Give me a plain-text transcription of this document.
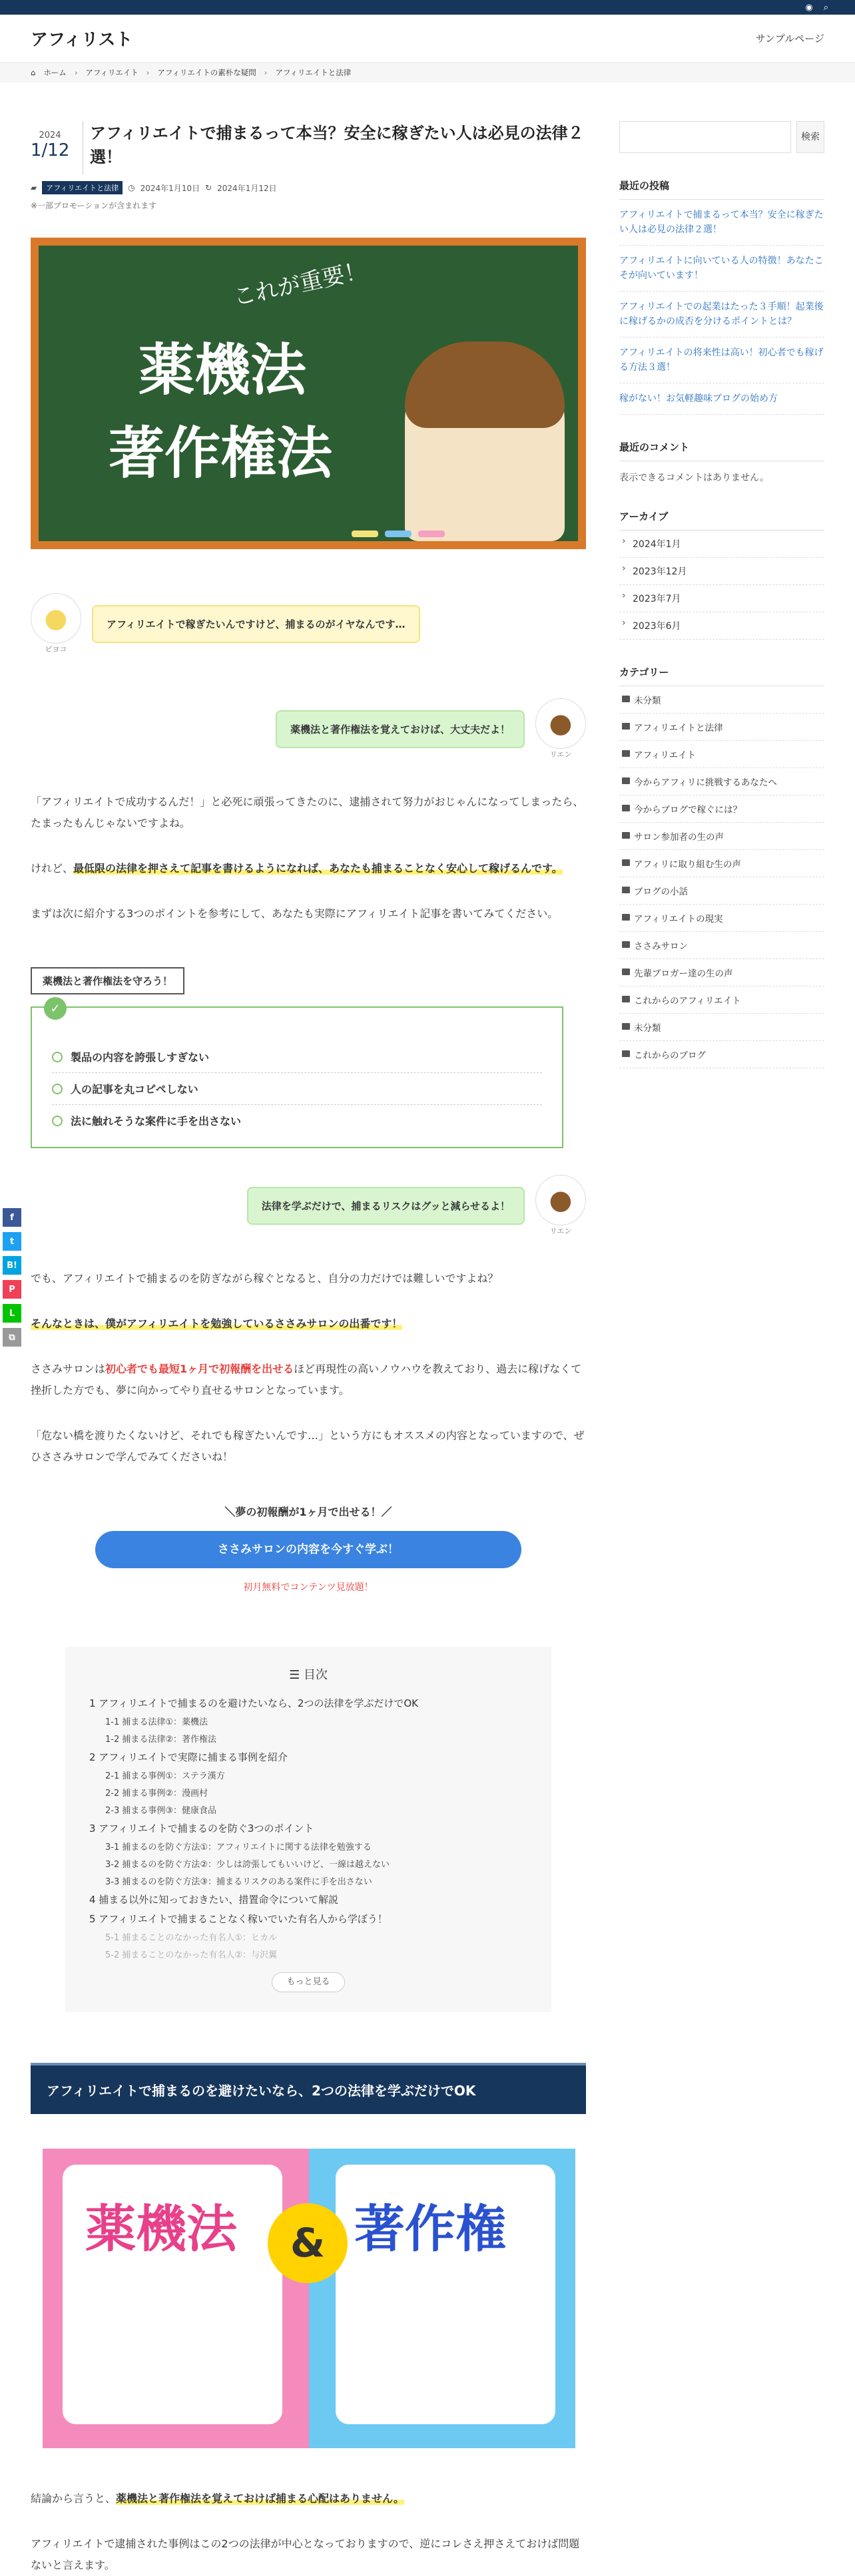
◉ ⌕
アフィリスト	サンプルページ
⌂ ホーム › アフィリエイト › アフィリエイトの素朴な疑問 › アフィリエイトと法律
2024
1/12
アフィリエイトで捕まるって本当？安全に稼ぎたい人は必見の法律２選！
▰	アフィリエイトと法律	◷ 2024年1月10日 ↻ 2024年1月12日
※一部プロモーションが含まれます
これが重要！
薬機法
著作権法
●
ピヨコ
アフィリエイトで稼ぎたいんですけど、捕まるのがイヤなんです…
●
リエン
薬機法と著作権法を覚えておけば、大丈夫だよ！

「アフィリエイトで成功するんだ！」と必死に頑張ってきたのに、逮捕されて努力がおじゃんになってしまったら、たまったもんじゃないですよね。

けれど、最低限の法律を押さえて記事を書けるようになれば、あなたも捕まることなく安心して稼げるんです。

まずは次に紹介する3つのポイントを参考にして、あなたも実際にアフィリエイト記事を書いてみてください。

薬機法と著作権法を守ろう！
✓
製品の内容を誇張しすぎない
人の記事を丸コピペしない
法に触れそうな案件に手を出さない
●
リエン
法律を学ぶだけで、捕まるリスクはグッと減らせるよ！

でも、アフィリエイトで捕まるのを防ぎながら稼ぐとなると、自分の力だけでは難しいですよね？

そんなときは、僕がアフィリエイトを勉強しているささみサロンの出番です！

ささみサロンは初心者でも最短1ヶ月で初報酬を出せるほど再現性の高いノウハウを教えており、過去に稼げなくて挫折した方でも、夢に向かってやり直せるサロンとなっています。

「危ない橋を渡りたくないけど、それでも稼ぎたいんです…」という方にもオススメの内容となっていますので、ぜひささみサロンで学んでみてくださいね！

＼夢の初報酬が1ヶ月で出せる！／
ささみサロンの内容を今すぐ学ぶ！
初月無料でコンテンツ見放題！
☰ 目次
1 アフィリエイトで捕まるのを避けたいなら、2つの法律を学ぶだけでOK
1-1 捕まる法律①：薬機法
1-2 捕まる法律②：著作権法
2 アフィリエイトで実際に捕まる事例を紹介
2-1 捕まる事例①：ステラ漢方
2-2 捕まる事例②：漫画村
2-3 捕まる事例③：健康食品
3 アフィリエイトで捕まるのを防ぐ3つのポイント
3-1 捕まるのを防ぐ方法①：アフィリエイトに関する法律を勉強する
3-2 捕まるのを防ぐ方法②：少しは誇張してもいいけど、一線は越えない
3-3 捕まるのを防ぐ方法③：捕まるリスクのある案件に手を出さない
4 捕まる以外に知っておきたい、措置命令について解説
5 アフィリエイトで捕まることなく稼いでいた有名人から学ぼう！
5-1 捕まることのなかった有名人①：ヒカル
5-2 捕まることのなかった有名人②：与沢翼
もっと見る
アフィリエイトで捕まるのを避けたいなら、2つの法律を学ぶだけでOK
薬機法 著作権
&

結論から言うと、薬機法と著作権法を覚えておけば捕まる心配はありません。

アフィリエイトで逮捕された事例はこの2つの法律が中心となっておりますので、逆にコレさえ押さえておけば問題ないと言えます。

検索
最近の投稿
アフィリエイトで捕まるって本当？安全に稼ぎたい人は必見の法律２選！
アフィリエイトに向いている人の特徴！あなたこそが向いています！
アフィリエイトでの起業はたった３手順！起業後に稼げるかの成否を分けるポイントとは？
アフィリエイトの将来性は高い！初心者でも稼げる方法３選！
稼がない！お気軽趣味ブログの始め方
最近のコメント
表示できるコメントはありません。
アーカイブ
› 2024年1月
› 2023年12月
› 2023年7月
› 2023年6月
カテゴリー
未分類
アフィリエイトと法律
アフィリエイト
今からアフィリに挑戦するあなたへ
今からブログで稼ぐには？
サロン参加者の生の声
アフィリに取り組む生の声
ブログの小話
アフィリエイトの現実
ささみサロン
先輩ブロガー達の生の声
これからのアフィリエイト
未分類
これからのブログ
f
t
B!
P
L
⧉
